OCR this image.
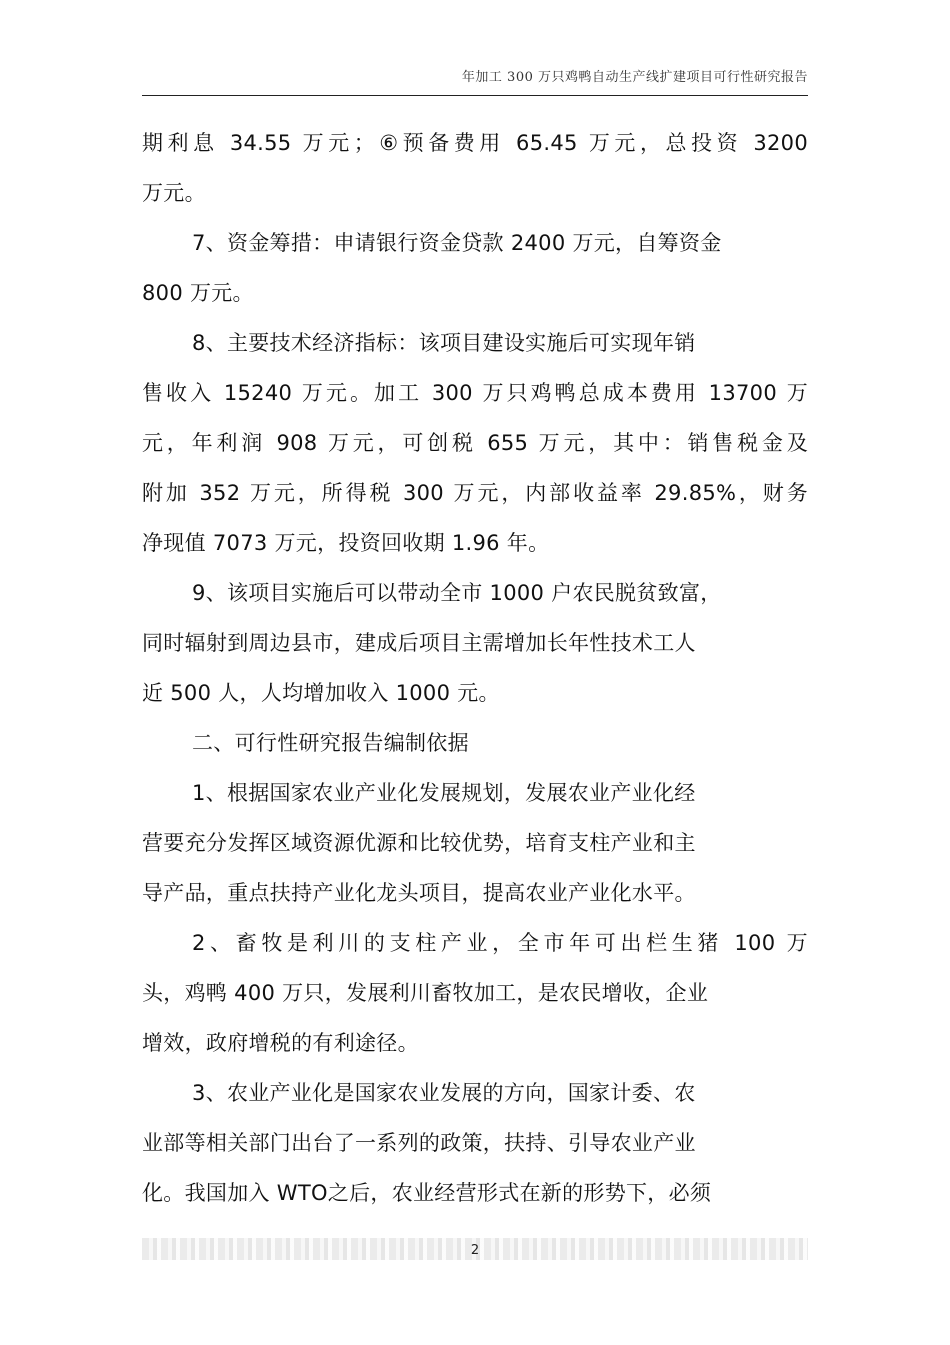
年加工 300 万只鸡鸭自动生产线扩建项目可行性研究报告
期利息 34.55 万元；⑥预备费用 65.45 万元，总投资 3200
万元。
7、资金筹措：申请银行资金贷款 2400 万元，自筹资金
800 万元。
8、主要技术经济指标：该项目建设实施后可实现年销
售收入 15240 万元。加工 300 万只鸡鸭总成本费用 13700 万
元，年利润 908 万元，可创税 655 万元，其中：销售税金及
附加 352 万元，所得税 300 万元，内部收益率 29.85%，财务
净现值 7073 万元，投资回收期 1.96 年。
9、该项目实施后可以带动全市 1000 户农民脱贫致富，
同时辐射到周边县市，建成后项目主需增加长年性技术工人
近 500 人，人均增加收入 1000 元。
二、可行性研究报告编制依据
1、根据国家农业产业化发展规划，发展农业产业化经
营要充分发挥区域资源优源和比较优势，培育支柱产业和主
导产品，重点扶持产业化龙头项目，提高农业产业化水平。
2、畜牧是利川的支柱产业，全市年可出栏生猪 100 万
头，鸡鸭 400 万只，发展利川畜牧加工，是农民增收，企业
增效，政府增税的有利途径。
3、农业产业化是国家农业发展的方向，国家计委、农
业部等相关部门出台了一系列的政策，扶持、引导农业产业
化。我国加入 WTO之后，农业经营形式在新的形势下，必须
2
